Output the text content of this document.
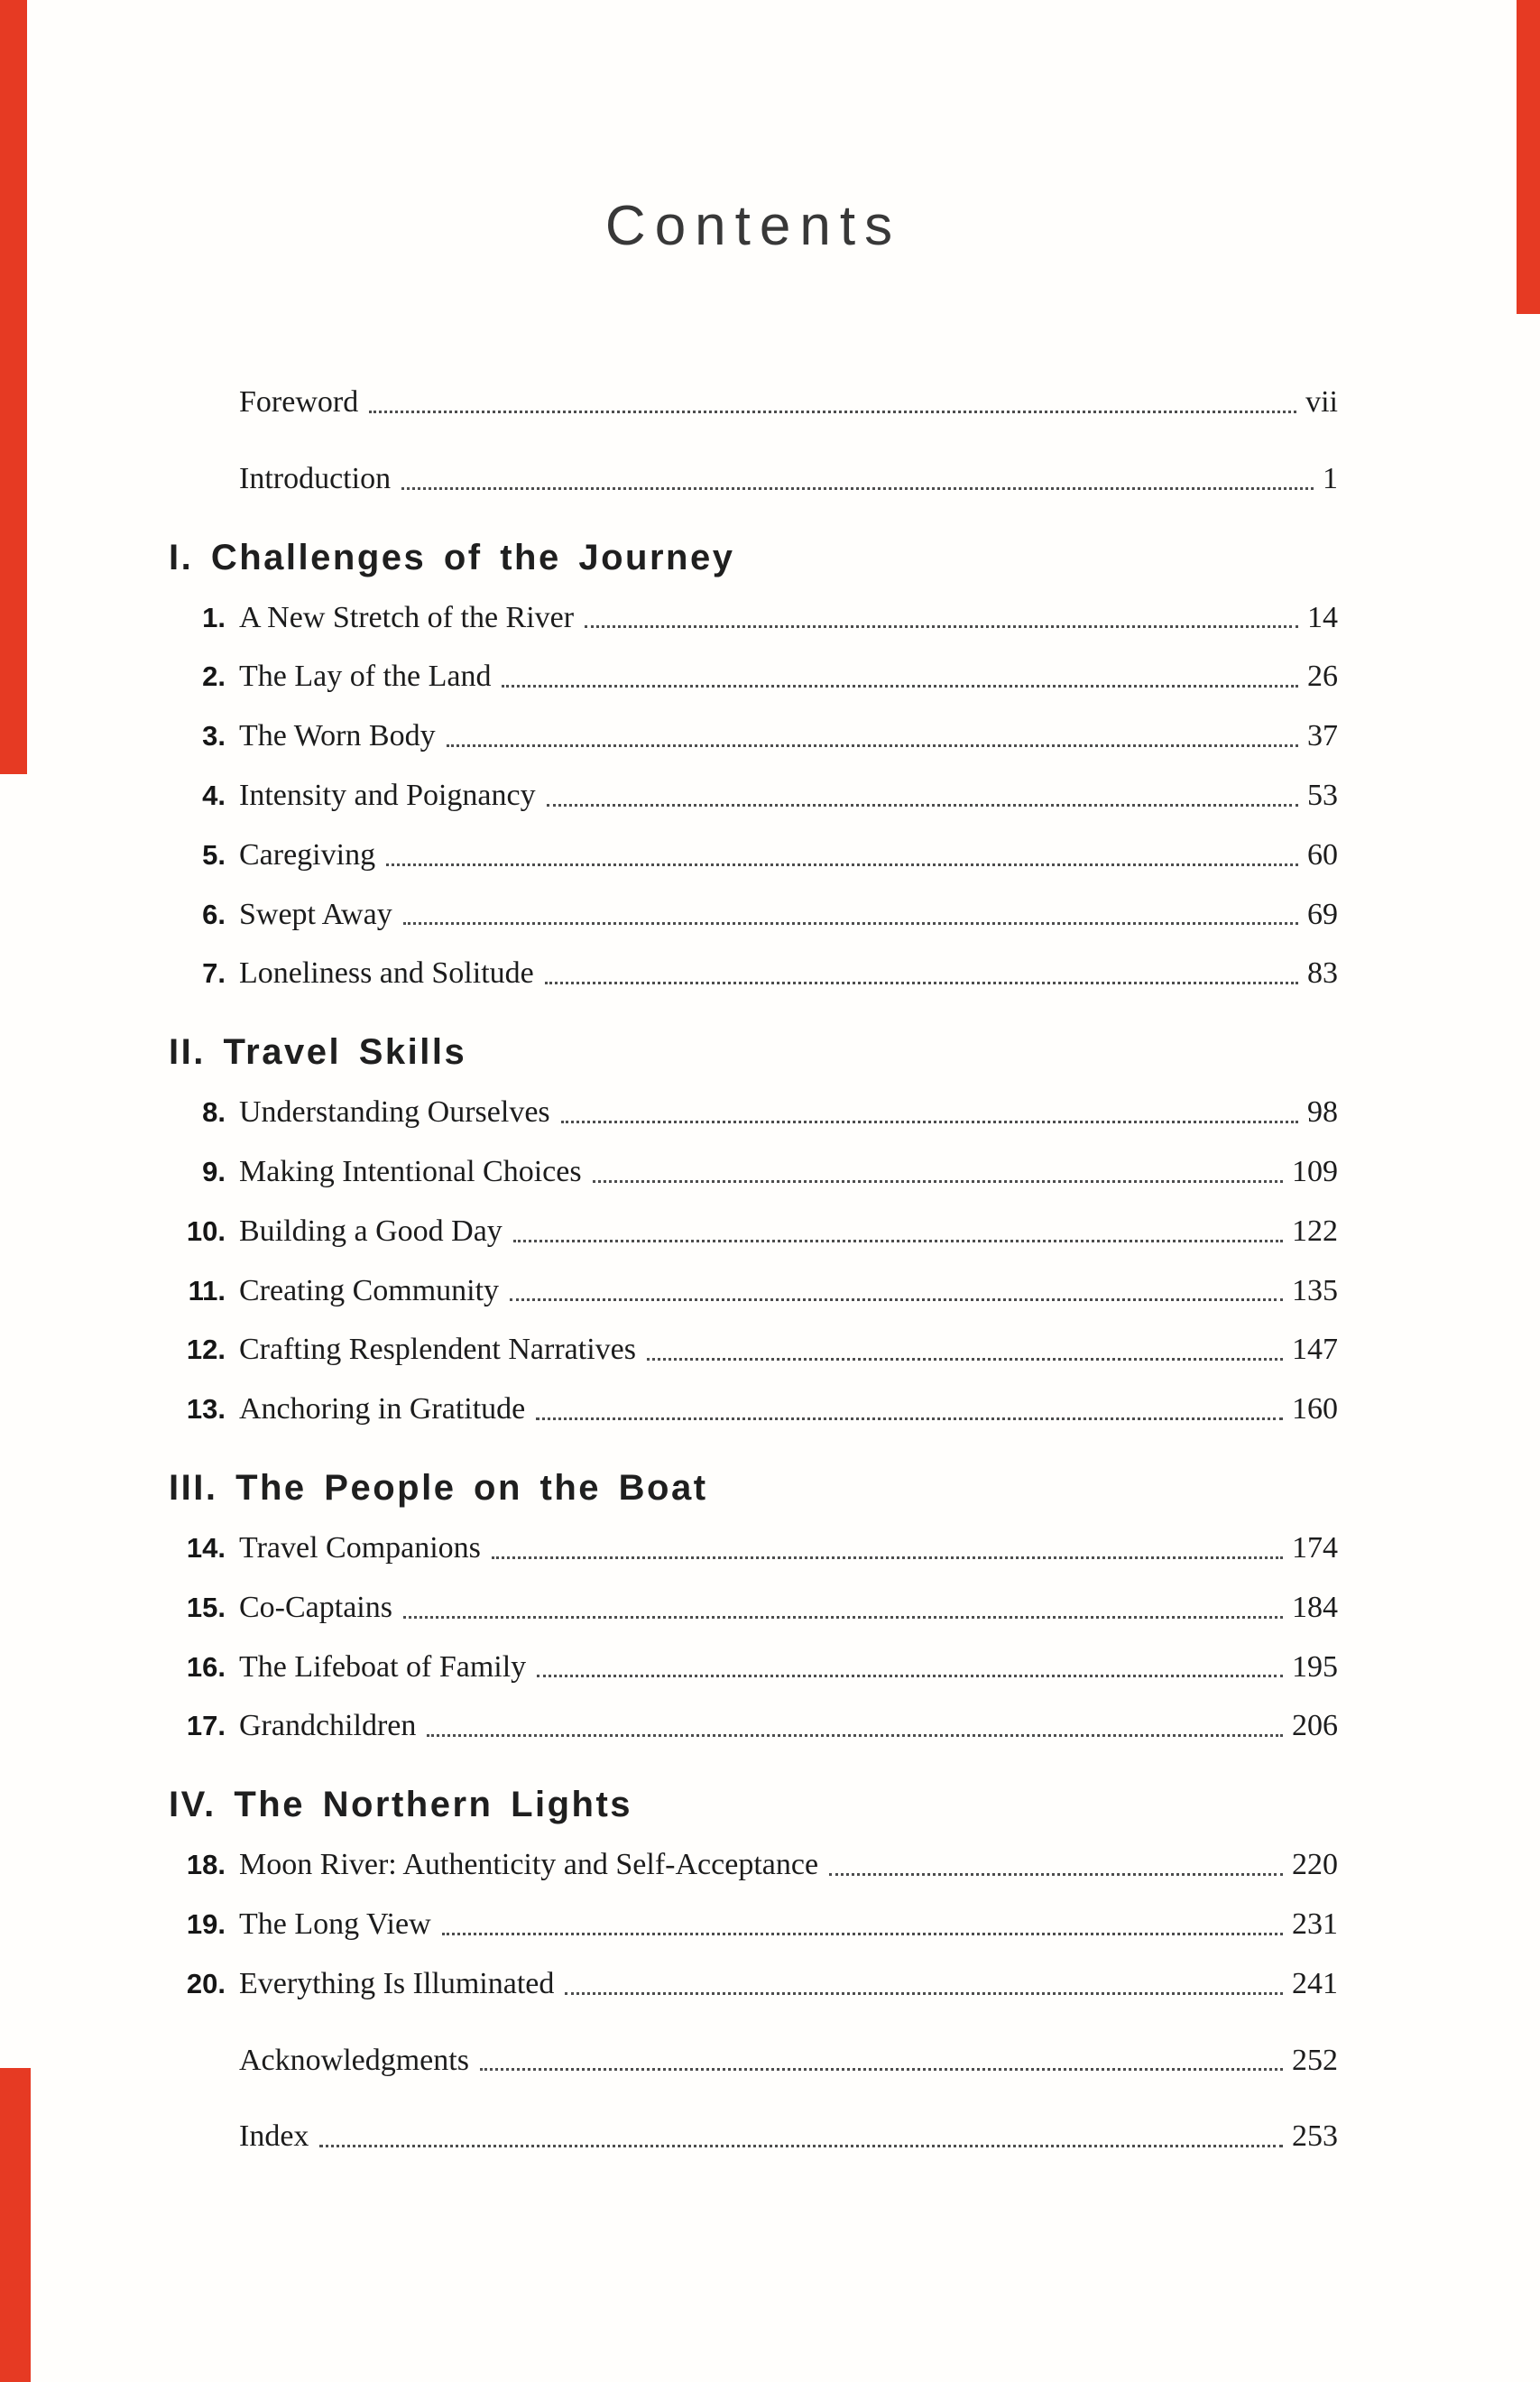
Contents
Foreword	vii
Introduction	1
I. Challenges of the Journey
1. A New Stretch of the River	14
2. The Lay of the Land	26
3. The Worn Body	37
4. Intensity and Poignancy	53
5. Caregiving	60
6. Swept Away	69
7. Loneliness and Solitude	83
II. Travel Skills
8. Understanding Ourselves	98
9. Making Intentional Choices	109
10. Building a Good Day	122
11. Creating Community	135
12. Crafting Resplendent Narratives	147
13. Anchoring in Gratitude	160
III. The People on the Boat
14. Travel Companions	174
15. Co-Captains	184
16. The Lifeboat of Family	195
17. Grandchildren	206
IV. The Northern Lights
18. Moon River: Authenticity and Self-Acceptance	220
19. The Long View	231
20. Everything Is Illuminated	241
Acknowledgments	252
Index	253
